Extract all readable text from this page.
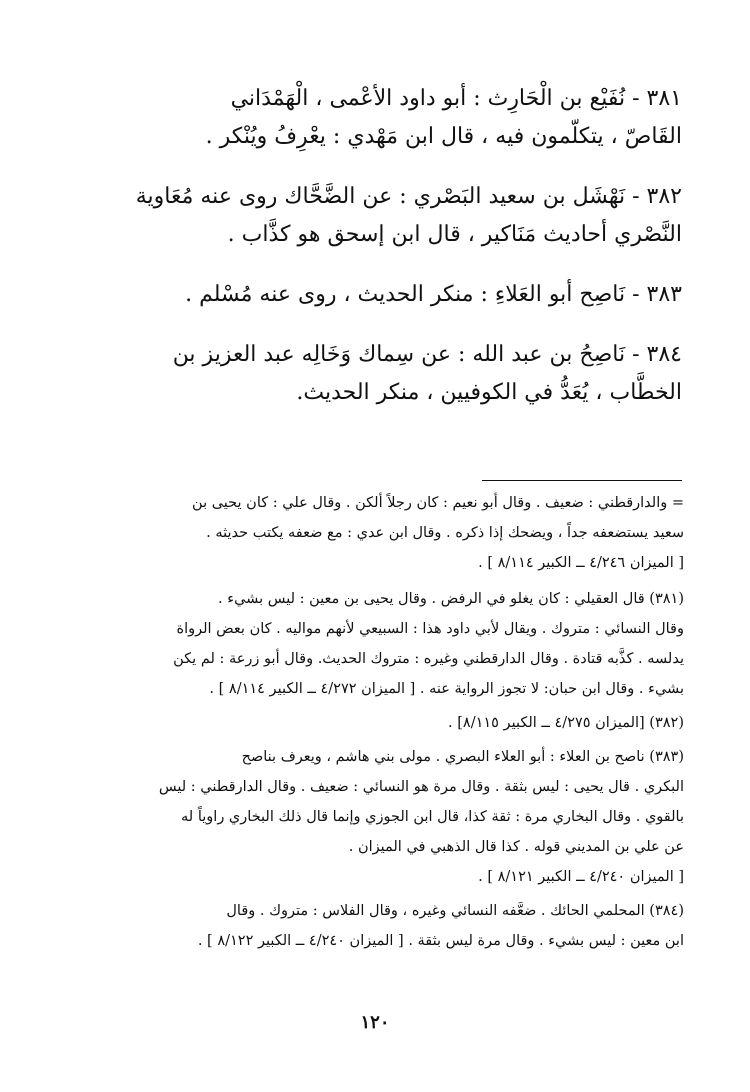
٣٨١ - نُفَيْع بن الْحَارِث : أبو داود الأعْمى ، الْهَمْدَاني

القَاصّ ، يتكلّمون فيه ، قال ابن مَهْدي : يعْرِفُ ويُنْكر .

٣٨٢ - نَهْشَل بن سعيد البَصْري : عن الضَّحَّاك روى عنه مُعَاوية

النَّصْري أحاديث مَنَاكير ، قال ابن إسحق هو كذَّاب .

٣٨٣ - نَاصِح أبو العَلاءِ : منكر الحديث ، روى عنه مُسْلم .

٣٨٤ - نَاصِحُ بن عبد الله : عن سِماك وَخَالِه عبد العزيز بن

الخطَّاب ، يُعَدُّ في الكوفيين ، منكر الحديث.

= والدارقطني : ضعيف . وقال أبو نعيم : كان رجلاً ألكن . وقال علي : كان يحيى بن

سعيد يستضعفه جداً ، ويضحك إذا ذكره . وقال ابن عدي : مع ضعفه يكتب حديثه .

[ الميزان ٤/٢٤٦ ــ الكبير ٨/١١٤ ] .

(٣٨١) قال العقيلي : كان يغلو في الرفض . وقال يحيى بن معين : ليس بشيء .

وقال النسائي : متروك . ويقال لأبي داود هذا : السبيعي لأنهم مواليه . كان بعض الرواة

يدلسه . كذَّبه قتادة . وقال الدارقطني وغيره : متروك الحديث. وقال أبو زرعة : لم يكن

بشيء . وقال ابن حبان: لا تجوز الرواية عنه . [ الميزان ٤/٢٧٢ ــ الكبير ٨/١١٤ ] .

(٣٨٢) [الميزان ٤/٢٧٥ ــ الكبير ٨/١١٥] .

(٣٨٣) ناصح بن العلاء : أبو العلاء البصري . مولى بني هاشم ، ويعرف بناصح

البكري . قال يحيى : ليس بثقة . وقال مرة هو النسائي : ضعيف . وقال الدارقطني : ليس

بالقوي . وقال البخاري مرة : ثقة كذا، قال ابن الجوزي وإنما قال ذلك البخاري راوياً له

عن علي بن المديني قوله . كذا قال الذهبي في الميزان .

[ الميزان ٤/٢٤٠ ــ الكبير ٨/١٢١ ] .

(٣٨٤) المحلمي الحائك . ضعَّفه النسائي وغيره ، وقال الفلاس : متروك . وقال

ابن معين : ليس بشيء . وقال مرة ليس بثقة . [ الميزان ٤/٢٤٠ ــ الكبير ٨/١٢٢ ] .

١٢٠
